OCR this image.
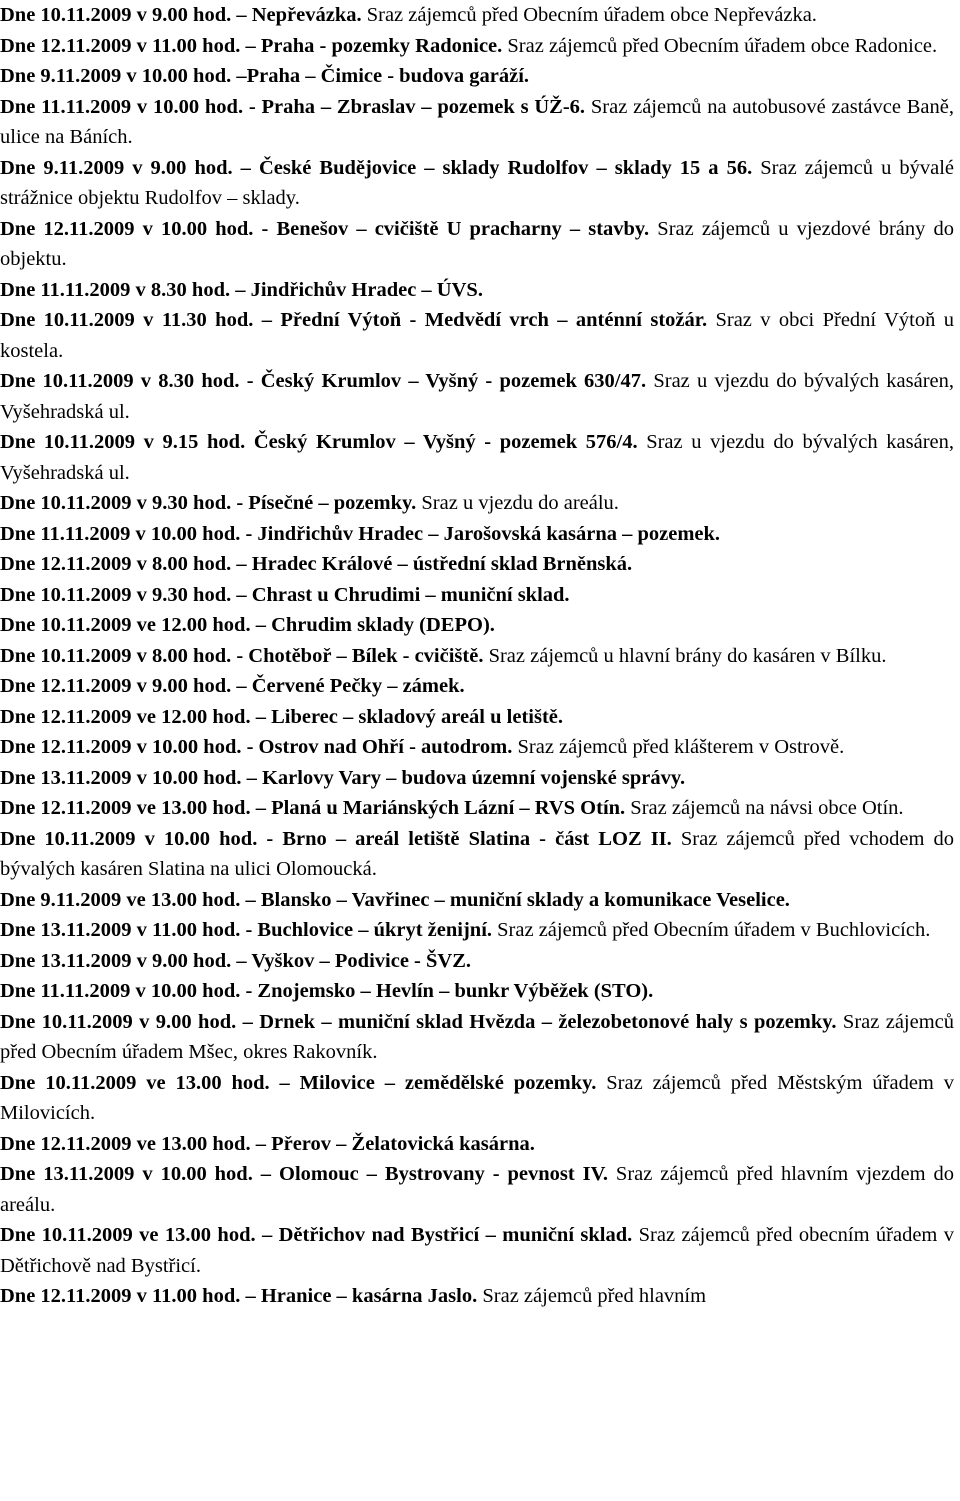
Dne 10.11.2009 v 9.00 hod. – Nepřevázka. Sraz zájemců před Obecním úřadem obce Nepřevázka.

Dne 12.11.2009 v 11.00 hod. – Praha - pozemky Radonice. Sraz zájemců před Obecním úřadem obce Radonice.

Dne 9.11.2009 v 10.00 hod. –Praha – Čimice - budova garáží.

Dne 11.11.2009 v 10.00 hod. - Praha – Zbraslav – pozemek s ÚŽ-6. Sraz zájemců na autobusové zastávce Baně, ulice na Báních.

Dne 9.11.2009 v 9.00 hod. – České Budějovice – sklady Rudolfov – sklady 15 a 56. Sraz zájemců u bývalé strážnice objektu Rudolfov – sklady.

Dne 12.11.2009 v 10.00 hod. - Benešov – cvičiště U pracharny – stavby. Sraz zájemců u vjezdové brány do objektu.

Dne 11.11.2009 v 8.30 hod. – Jindřichův Hradec – ÚVS.

Dne 10.11.2009 v 11.30 hod. – Přední Výtoň - Medvědí vrch – anténní stožár. Sraz v obci Přední Výtoň u kostela.

Dne 10.11.2009 v 8.30 hod. - Český Krumlov – Vyšný - pozemek 630/47. Sraz u vjezdu do bývalých kasáren, Vyšehradská ul.

Dne 10.11.2009 v 9.15 hod. Český Krumlov – Vyšný - pozemek 576/4. Sraz u vjezdu do bývalých kasáren, Vyšehradská ul.

Dne 10.11.2009 v 9.30 hod. - Písečné – pozemky. Sraz u vjezdu do areálu.

Dne 11.11.2009 v 10.00 hod. - Jindřichův Hradec – Jarošovská kasárna – pozemek.

Dne 12.11.2009 v 8.00 hod. – Hradec Králové – ústřední sklad Brněnská.

Dne 10.11.2009 v 9.30 hod. – Chrast u Chrudimi – muniční sklad.

Dne 10.11.2009 ve 12.00 hod. – Chrudim sklady (DEPO).

Dne 10.11.2009 v 8.00 hod. - Chotěboř – Bílek - cvičiště. Sraz zájemců u hlavní brány do kasáren v Bílku.

Dne 12.11.2009 v 9.00 hod. – Červené Pečky – zámek.

Dne 12.11.2009 ve 12.00 hod. – Liberec – skladový areál u letiště.

Dne 12.11.2009 v 10.00 hod. - Ostrov nad Ohří - autodrom. Sraz zájemců před klášterem v Ostrově.

Dne 13.11.2009 v 10.00 hod. – Karlovy Vary – budova územní vojenské správy.

Dne 12.11.2009 ve 13.00 hod. – Planá u Mariánských Lázní – RVS Otín. Sraz zájemců na návsi obce Otín.

Dne 10.11.2009 v 10.00 hod. - Brno – areál letiště Slatina - část LOZ II. Sraz zájemců před vchodem do bývalých kasáren Slatina na ulici Olomoucká.

Dne 9.11.2009 ve 13.00 hod. – Blansko – Vavřinec – muniční sklady a komunikace Veselice.

Dne 13.11.2009 v 11.00 hod. - Buchlovice – úkryt ženijní. Sraz zájemců před Obecním úřadem v Buchlovicích.

Dne 13.11.2009 v 9.00 hod. – Vyškov – Podivice - ŠVZ.

Dne 11.11.2009 v 10.00 hod. - Znojemsko – Hevlín – bunkr Výběžek (STO).

Dne 10.11.2009 v 9.00 hod. – Drnek – muniční sklad Hvězda – železobetonové haly s pozemky. Sraz zájemců před Obecním úřadem Mšec, okres Rakovník.

Dne 10.11.2009 ve 13.00 hod. – Milovice – zemědělské pozemky. Sraz zájemců před Městským úřadem v Milovicích.

Dne 12.11.2009 ve 13.00 hod. – Přerov – Želatovická kasárna.

Dne 13.11.2009 v 10.00 hod. – Olomouc – Bystrovany - pevnost IV. Sraz zájemců před hlavním vjezdem do areálu.

Dne 10.11.2009 ve 13.00 hod. – Dětřichov nad Bystřicí – muniční sklad. Sraz zájemců před obecním úřadem v Dětřichově nad Bystřicí.

Dne 12.11.2009 v 11.00 hod. – Hranice – kasárna Jaslo. Sraz zájemců před hlavním
